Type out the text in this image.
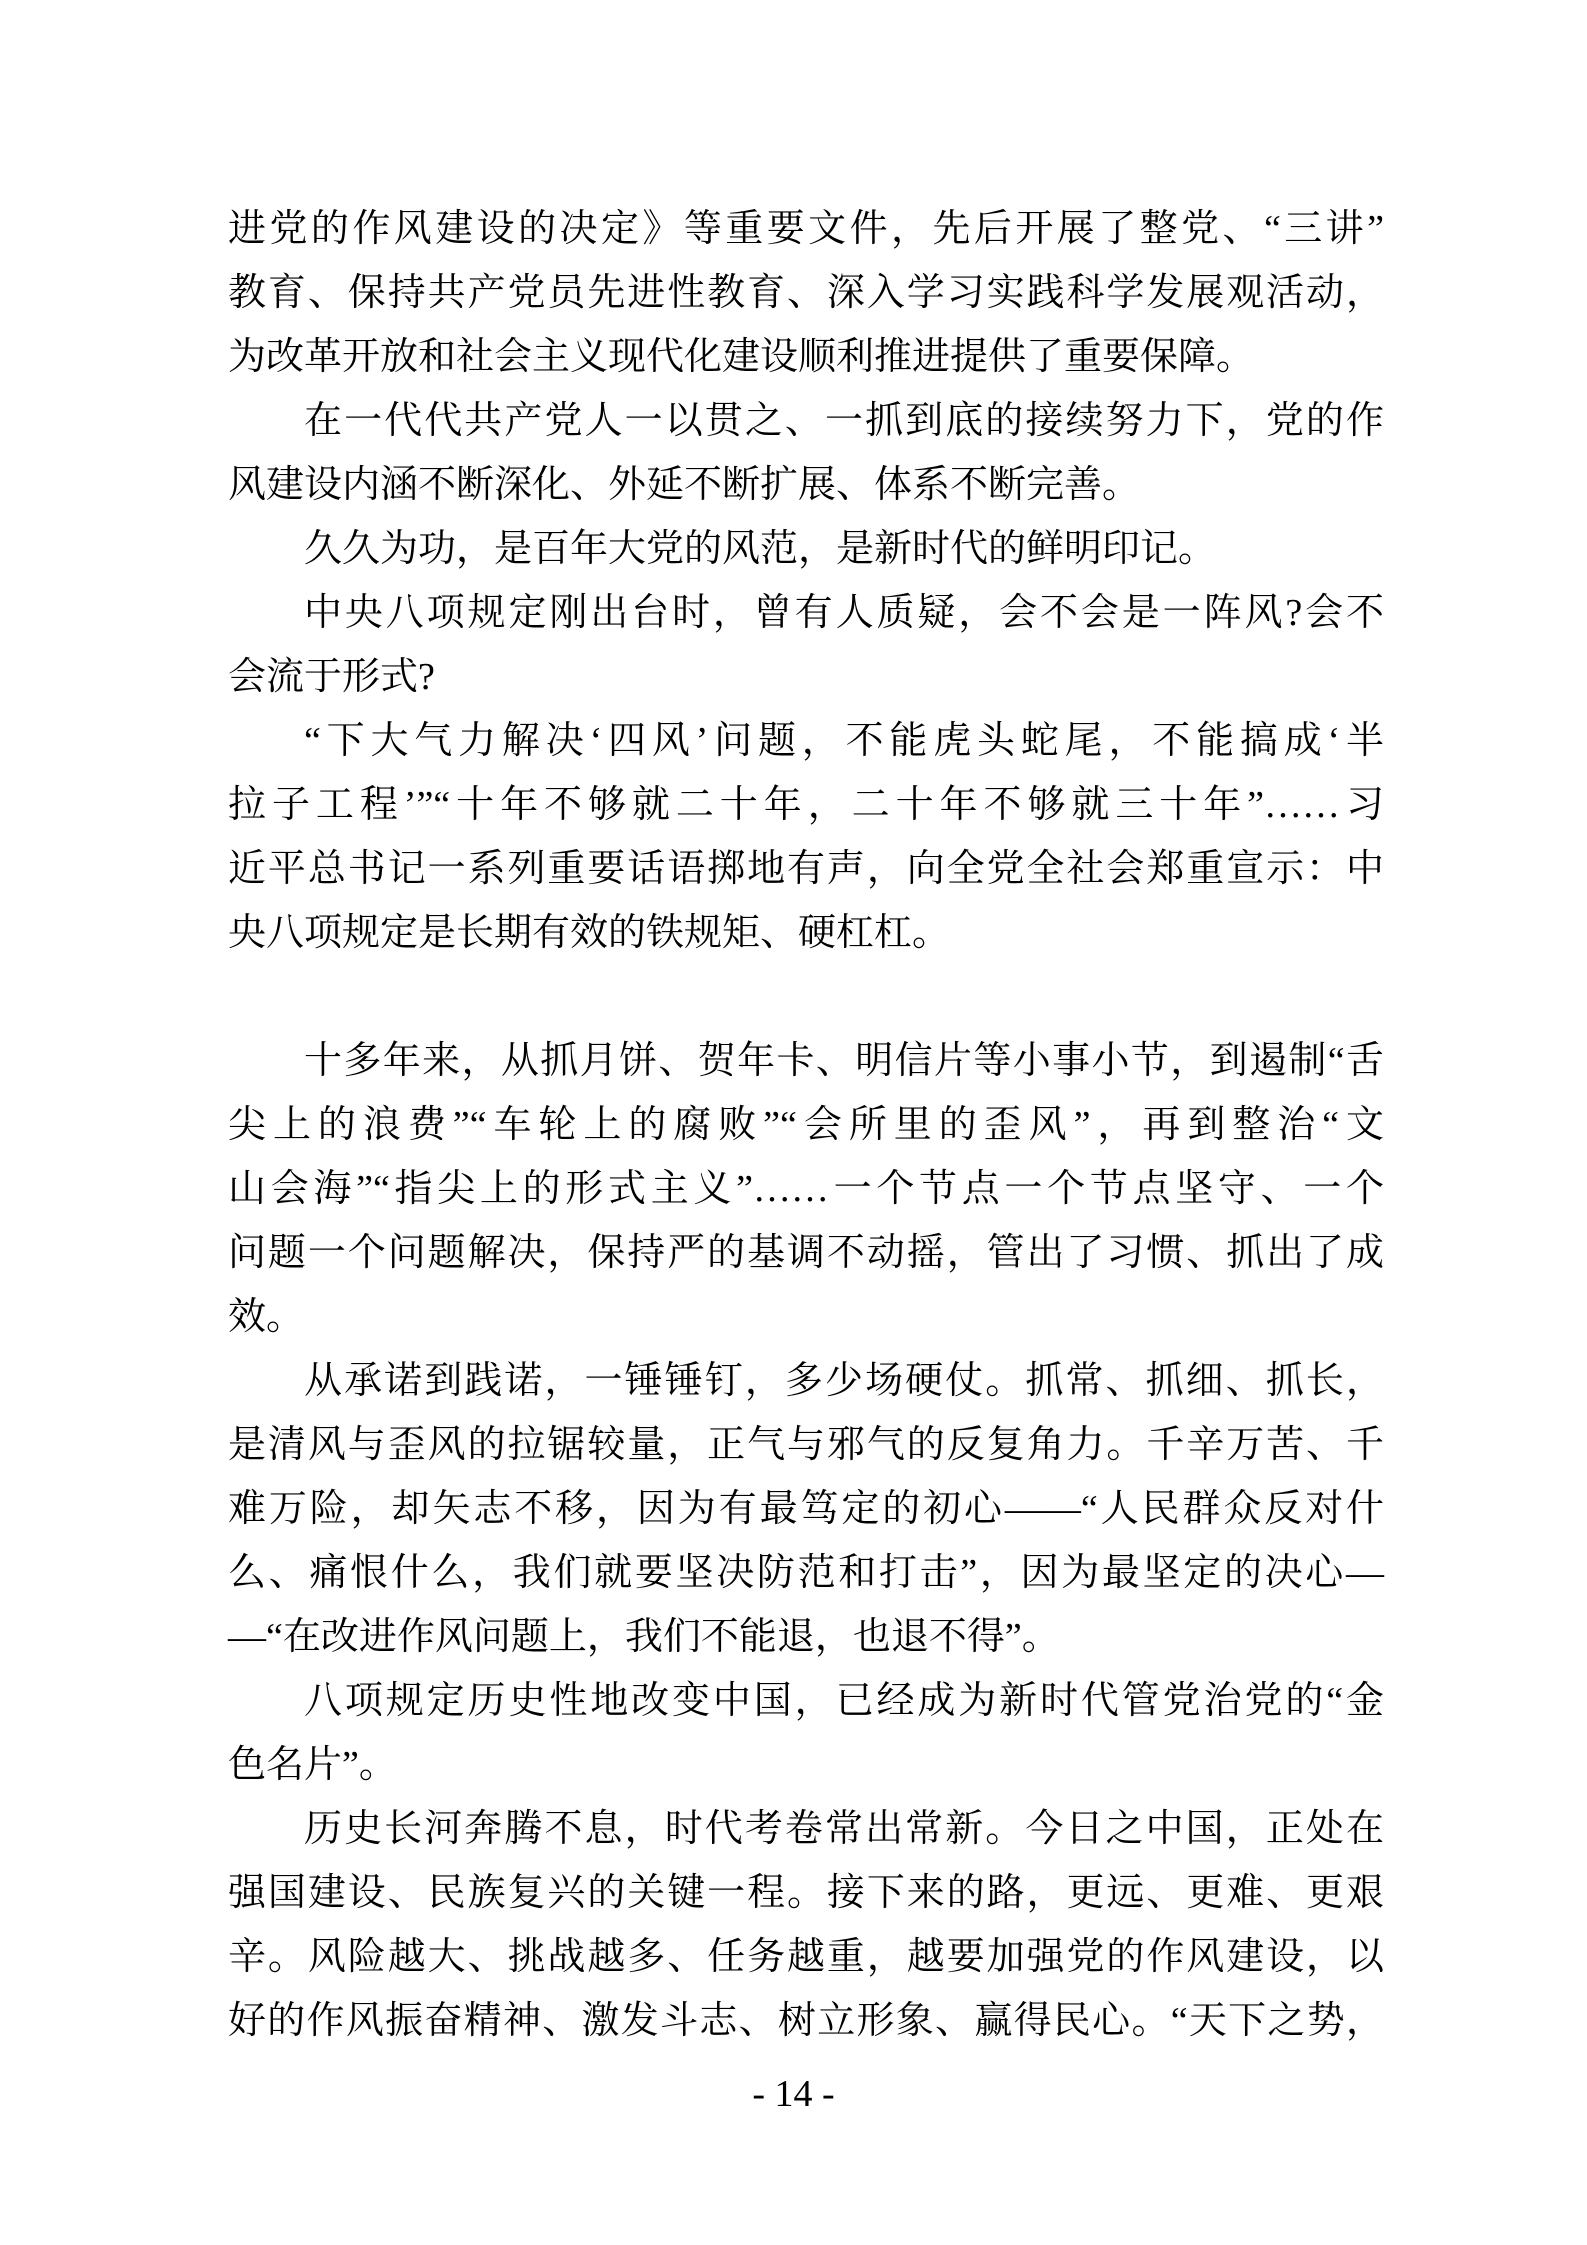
进党的作风建设的决定》等重要文件，先后开展了整党、“三讲”
教育、保持共产党员先进性教育、深入学习实践科学发展观活动，
为改革开放和社会主义现代化建设顺利推进提供了重要保障。
在一代代共产党人一以贯之、一抓到底的接续努力下，党的作
风建设内涵不断深化、外延不断扩展、体系不断完善。
久久为功，是百年大党的风范，是新时代的鲜明印记。
中央八项规定刚出台时，曾有人质疑，会不会是一阵风?会不
会流于形式?
“下大气力解决‘四风’问题，不能虎头蛇尾，不能搞成‘半
拉子工程’”“十年不够就二十年，二十年不够就三十年”……习
近平总书记一系列重要话语掷地有声，向全党全社会郑重宣示：中
央八项规定是长期有效的铁规矩、硬杠杠。
十多年来，从抓月饼、贺年卡、明信片等小事小节，到遏制“舌
尖上的浪费”“车轮上的腐败”“会所里的歪风”，再到整治“文
山会海”“指尖上的形式主义”……一个节点一个节点坚守、一个
问题一个问题解决，保持严的基调不动摇，管出了习惯、抓出了成
效。
从承诺到践诺，一锤锤钉，多少场硬仗。抓常、抓细、抓长，
是清风与歪风的拉锯较量，正气与邪气的反复角力。千辛万苦、千
难万险，却矢志不移，因为有最笃定的初心——“人民群众反对什
么、痛恨什么，我们就要坚决防范和打击”，因为最坚定的决心—
—“在改进作风问题上，我们不能退，也退不得”。
八项规定历史性地改变中国，已经成为新时代管党治党的“金
色名片”。
历史长河奔腾不息，时代考卷常出常新。今日之中国，正处在
强国建设、民族复兴的关键一程。接下来的路，更远、更难、更艰
辛。风险越大、挑战越多、任务越重，越要加强党的作风建设，以
好的作风振奋精神、激发斗志、树立形象、赢得民心。“天下之势，
- 14 -
